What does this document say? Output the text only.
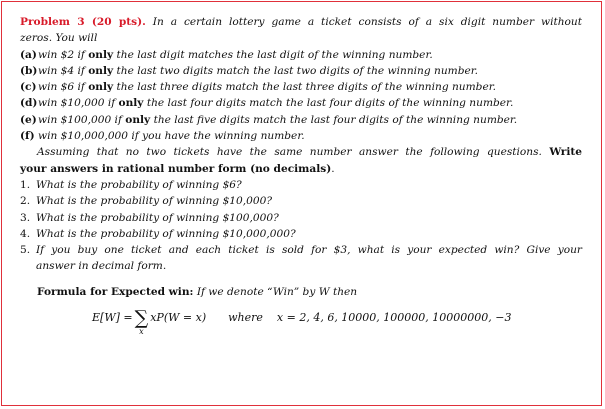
Problem 3 (20 pts). In a certain lottery game a ticket consists of a six digit number without

zeros. You will

(a) win $2 if only the last digit matches the last digit of the winning number.
(b) win $4 if only the last two digits match the last two digits of the winning number.
(c) win $6 if only the last three digits match the last three digits of the winning number.
(d) win $10,000 if only the last four digits match the last four digits of the winning number.
(e) win $100,000 if only the last five digits match the last four digits of the winning number.
(f) win $10,000,000 if you have the winning number.

Assuming that no two tickets have the same number answer the following questions. Write

your answers in rational number form (no decimals).

1. What is the probability of winning $6?
2. What is the probability of winning $10,000?
3. What is the probability of winning $100,000?
4. What is the probability of winning $10,000,000?
5. If you buy one ticket and each ticket is sold for $3, what is your expected win? Give your
answer in decimal form.

Formula for Expected win: If we denote “Win” by W then

E[W] = ∑
x
xP(W = x) where x = 2, 4, 6, 10000, 100000, 10000000, −3
